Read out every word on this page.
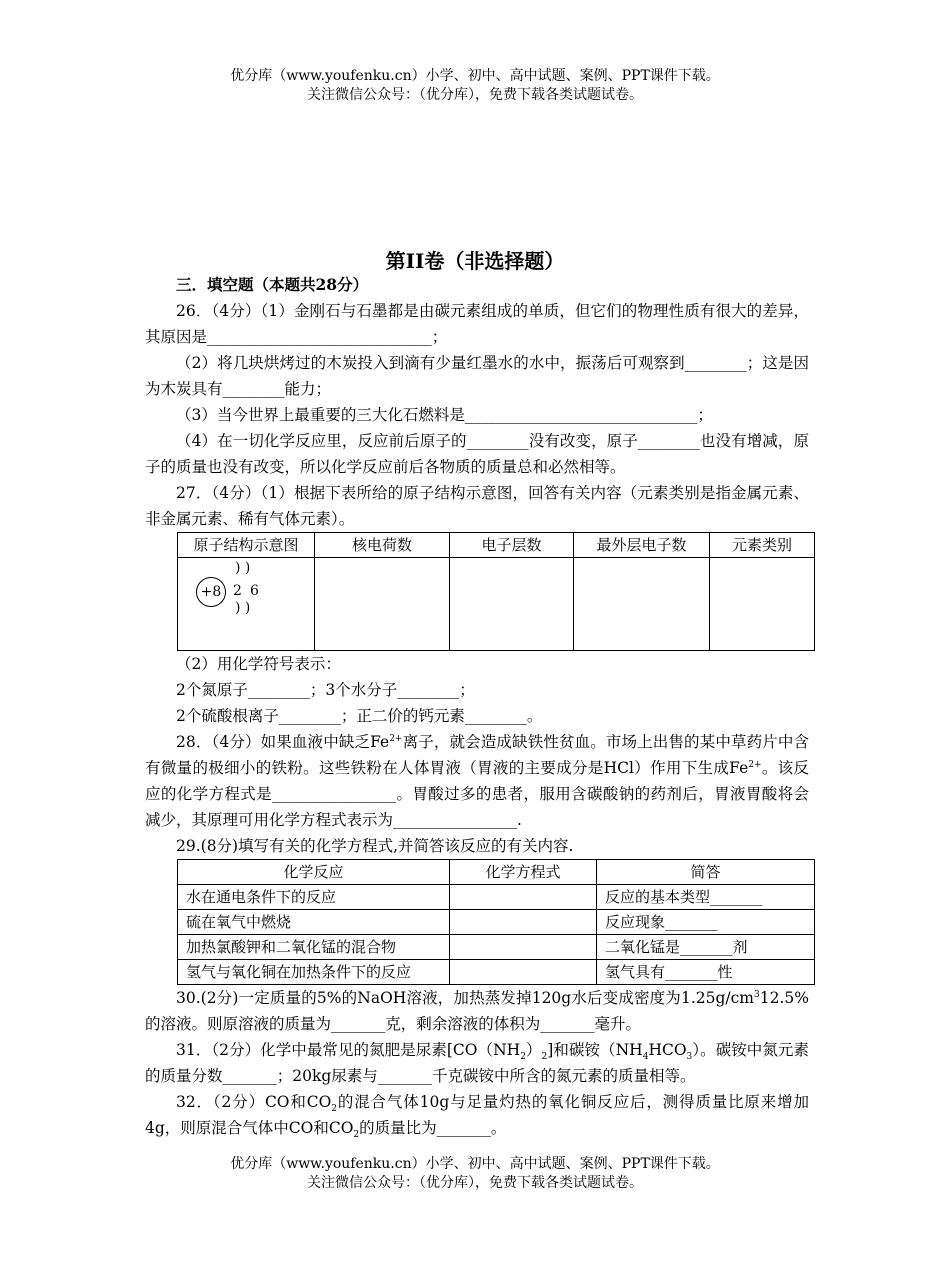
优分库（www.youfenku.cn）小学、初中、高中试题、案例、PPT课件下载。
关注微信公众号：（优分库），免费下载各类试题试卷。
第II卷（非选择题）

三．填空题（本题共28分）

26．（4分）（1）金刚石与石墨都是由碳元素组成的单质，但它们的物理性质有很大的差异，其原因是_____________________________；

（2）将几块烘烤过的木炭投入到滴有少量红墨水的水中，振荡后可观察到________；这是因为木炭具有________能力；

（3）当今世界上最重要的三大化石燃料是______________________________；

（4）在一切化学反应里，反应前后原子的________没有改变，原子________也没有增减，原子的质量也没有改变，所以化学反应前后各物质的质量总和必然相等。

27．（4分）（1）根据下表所给的原子结构示意图，回答有关内容（元素类别是指金属元素、非金属元素、稀有气体元素）。

原子结构示意图	核电荷数	电子层数	最外层电子数	元素类别

) )
+8 2 6
) )				

（2）用化学符号表示：

2个氮原子________；3个水分子________；

2个硫酸根离子________；正二价的钙元素________。

28．（4分）如果血液中缺乏$Fe^{2+}$离子，就会造成缺铁性贫血。市场上出售的某中草药片中含有微量的极细小的铁粉。这些铁粉在人体胃液（胃液的主要成分是HCl）作用下生成$Fe^{2+}$。该反应的化学方程式是________________。胃酸过多的患者，服用含碳酸钠的药剂后，胃液胃酸将会减少，其原理可用化学方程式表示为________________.

29.(8分)填写有关的化学方程式,并简答该反应的有关内容.

化学反应	化学方程式	简答
水在通电条件下的反应		反应的基本类型_______
硫在氧气中燃烧		反应现象_______
加热氯酸钾和二氧化锰的混合物		二氧化锰是_______剂
氢气与氧化铜在加热条件下的反应		氢气具有_______性

30.(2分)一定质量的5%的NaOH溶液，加热蒸发掉120g水后变成密度为$1.25g/cm^312.5\%$的溶液。则原溶液的质量为_______克，剩余溶液的体积为_______毫升。

31．（2分）化学中最常见的氮肥是尿素$[CO(NH_2)_2]$和碳铵$(NH_4HCO_3)$。碳铵中氮元素的质量分数_______；20kg尿素与_______千克碳铵中所含的氮元素的质量相等。

32．（2分）CO和$CO_2$的混合气体10g与足量灼热的氧化铜反应后，测得质量比原来增加4g，则原混合气体中CO和$CO_2$的质量比为_______。

优分库（www.youfenku.cn）小学、初中、高中试题、案例、PPT课件下载。
关注微信公众号：（优分库），免费下载各类试题试卷。
